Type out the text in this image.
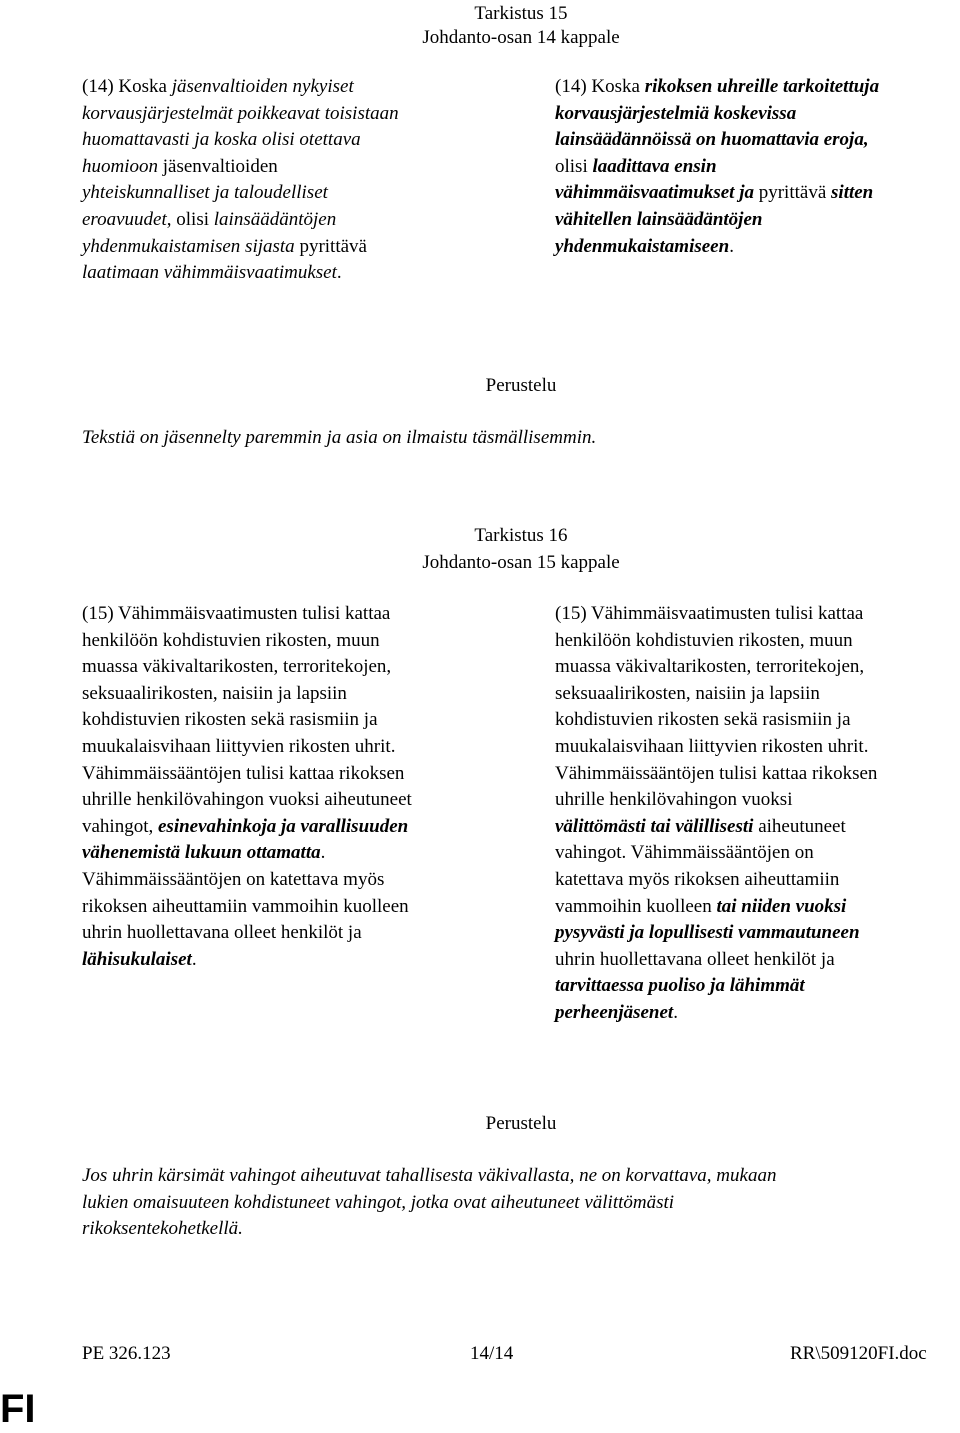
Tarkistus 15
Johdanto-osan 14 kappale
(14) Koska jäsenvaltioiden nykyiset
korvausjärjestelmät poikkeavat toisistaan
huomattavasti ja koska olisi otettava
huomioon jäsenvaltioiden
yhteiskunnalliset ja taloudelliset
eroavuudet, olisi lainsäädäntöjen
yhdenmukaistamisen sijasta pyrittävä
laatimaan vähimmäisvaatimukset.
(14) Koska rikoksen uhreille tarkoitettuja
korvausjärjestelmiä koskevissa
lainsäädännöissä on huomattavia eroja,
olisi laadittava ensin
vähimmäisvaatimukset ja pyrittävä sitten
vähitellen lainsäädäntöjen
yhdenmukaistamiseen.
Perustelu
Tekstiä on jäsennelty paremmin ja asia on ilmaistu täsmällisemmin.
Tarkistus 16
Johdanto-osan 15 kappale
(15) Vähimmäisvaatimusten tulisi kattaa
henkilöön kohdistuvien rikosten, muun
muassa väkivaltarikosten, terroritekojen,
seksuaalirikosten, naisiin ja lapsiin
kohdistuvien rikosten sekä rasismiin ja
muukalaisvihaan liittyvien rikosten uhrit.
Vähimmäissääntöjen tulisi kattaa rikoksen
uhrille henkilövahingon vuoksi aiheutuneet
vahingot, esinevahinkoja ja varallisuuden
vähenemistä lukuun ottamatta.
Vähimmäissääntöjen on katettava myös
rikoksen aiheuttamiin vammoihin kuolleen
uhrin huollettavana olleet henkilöt ja
lähisukulaiset.
(15) Vähimmäisvaatimusten tulisi kattaa
henkilöön kohdistuvien rikosten, muun
muassa väkivaltarikosten, terroritekojen,
seksuaalirikosten, naisiin ja lapsiin
kohdistuvien rikosten sekä rasismiin ja
muukalaisvihaan liittyvien rikosten uhrit.
Vähimmäissääntöjen tulisi kattaa rikoksen
uhrille henkilövahingon vuoksi
välittömästi tai välillisesti aiheutuneet
vahingot. Vähimmäissääntöjen on
katettava myös rikoksen aiheuttamiin
vammoihin kuolleen tai niiden vuoksi
pysyvästi ja lopullisesti vammautuneen
uhrin huollettavana olleet henkilöt ja
tarvittaessa puoliso ja lähimmät
perheenjäsenet.
Perustelu
Jos uhrin kärsimät vahingot aiheutuvat tahallisesta väkivallasta, ne on korvattava, mukaan
lukien omaisuuteen kohdistuneet vahingot, jotka ovat aiheutuneet välittömästi
rikoksentekohetkellä.
PE 326.123	14/14	RR\509120FI.doc
FI
